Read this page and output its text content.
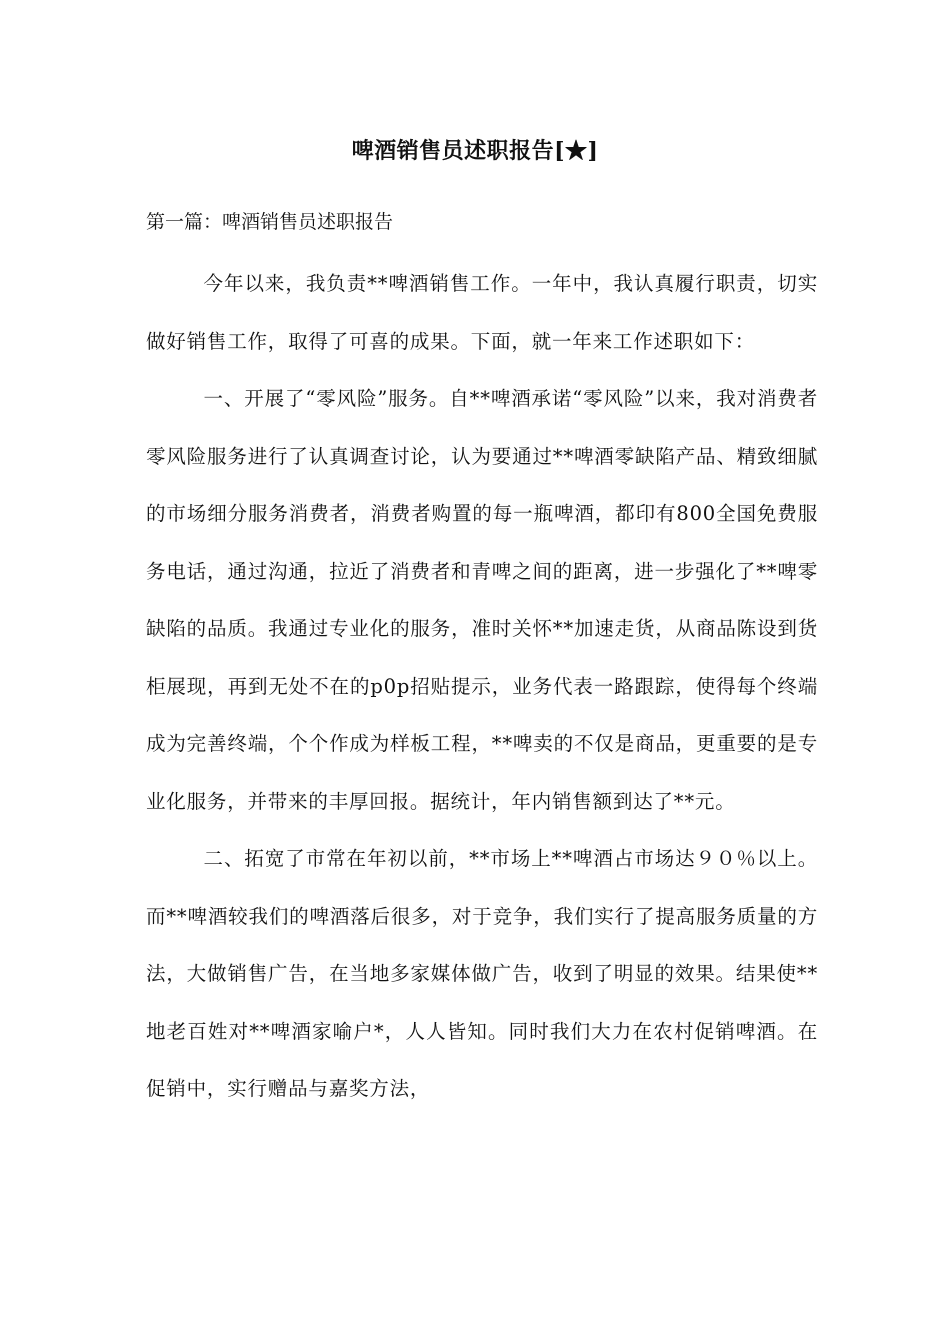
啤酒销售员述职报告[★]
第一篇：啤酒销售员述职报告

今年以来，我负责**啤酒销售工作。一年中，我认真履行职责，切实做好销售工作，取得了可喜的成果。下面，就一年来工作述职如下：

一、开展了“零风险”服务。自**啤酒承诺“零风险”以来，我对消费者零风险服务进行了认真调查讨论，认为要通过**啤酒零缺陷产品、精致细腻的市场细分服务消费者，消费者购置的每一瓶啤酒，都印有800全国免费服务电话，通过沟通，拉近了消费者和青啤之间的距离，进一步强化了**啤零缺陷的品质。我通过专业化的服务，准时关怀**加速走货，从商品陈设到货柜展现，再到无处不在的p0p招贴提示，业务代表一路跟踪，使得每个终端成为完善终端，个个作成为样板工程，**啤卖的不仅是商品，更重要的是专业化服务，并带来的丰厚回报。据统计，年内销售额到达了**元。

二、拓宽了市常在年初以前，**市场上**啤酒占市场达９０％以上。而**啤酒较我们的啤酒落后很多，对于竞争，我们实行了提高服务质量的方法，大做销售广告，在当地多家媒体做广告，收到了明显的效果。结果使**地老百姓对**啤酒家喻户*，人人皆知。同时我们大力在农村促销啤酒。在促销中，实行赠品与嘉奖方法，
